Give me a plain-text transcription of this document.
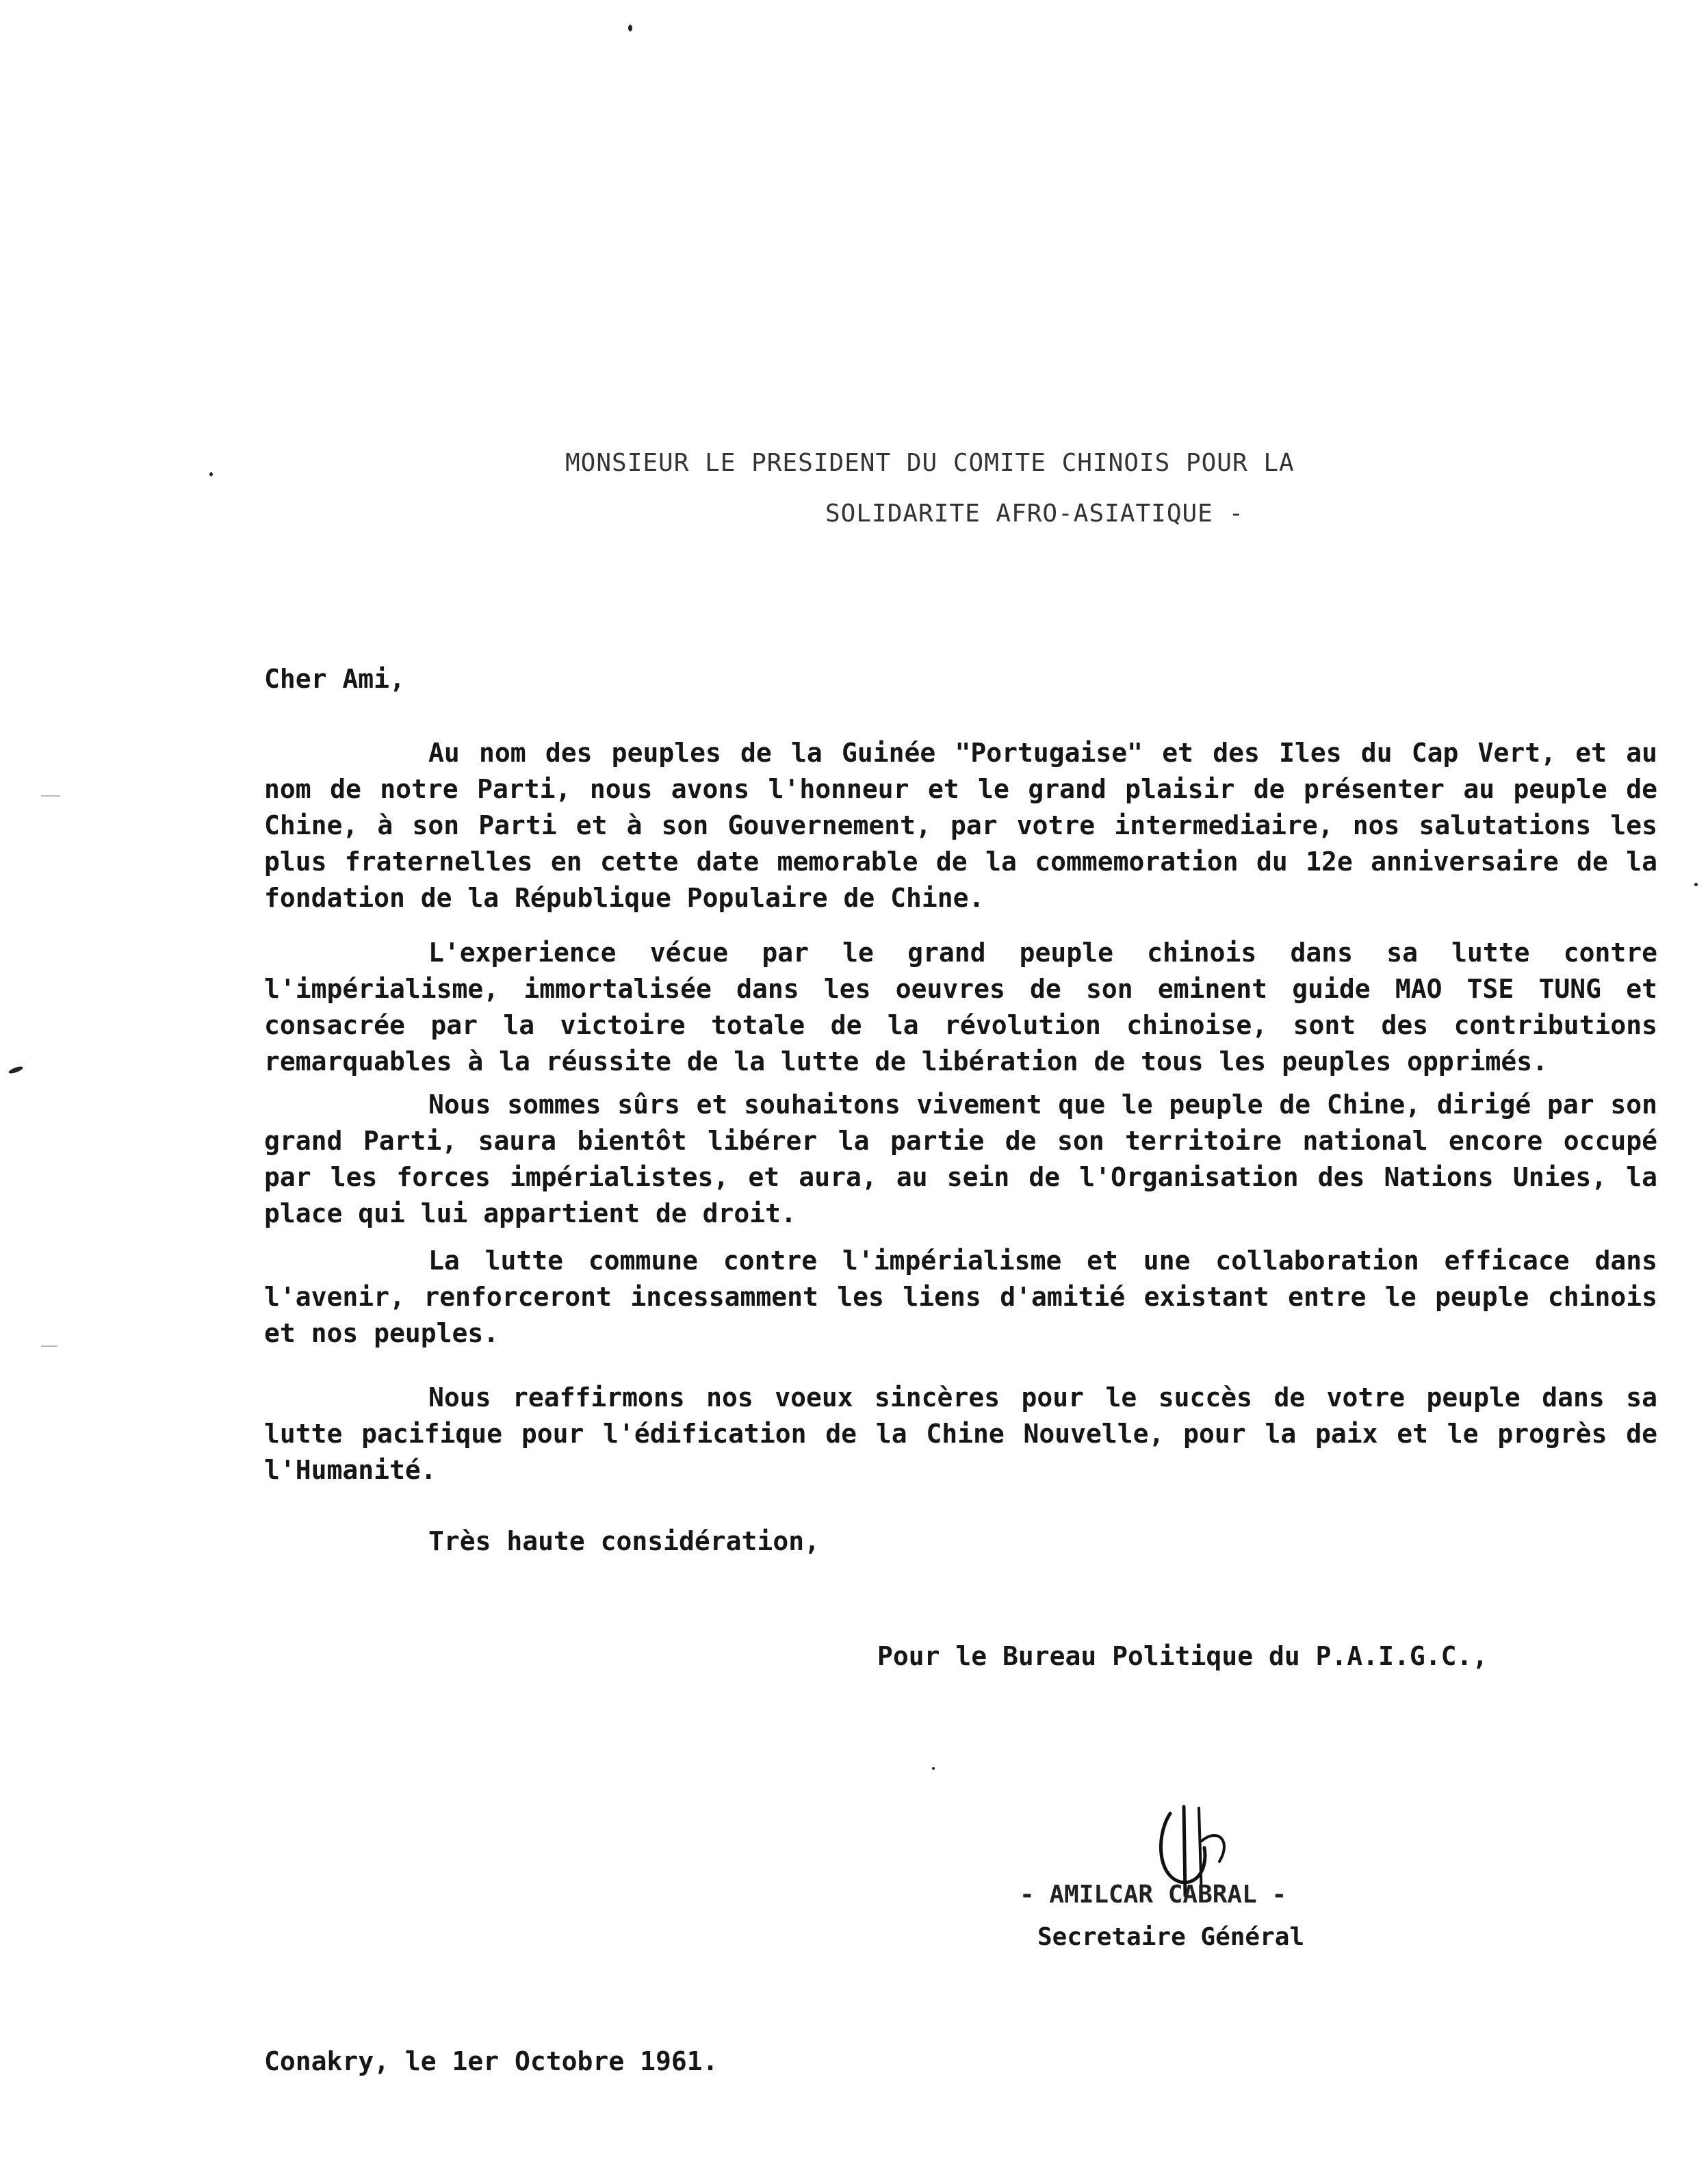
MONSIEUR LE PRESIDENT DU COMITE CHINOIS POUR LA
SOLIDARITE AFRO-ASIATIQUE -
Cher Ami,

Au nom des peuples de la Guinée "Portugaise" et des Iles du Cap Vert, et au nom de notre Parti, nous avons l'honneur et le grand plaisir de présenter au peuple de Chine, à son Parti et à son Gouvernement, par votre intermediaire, nos salutations les plus fraternelles en cette date memorable de la commemoration du 12e anniversaire de la fondation de la République Populaire de Chine.

L'experience vécue par le grand peuple chinois dans sa lutte contre l'impérialisme, immortalisée dans les oeuvres de son eminent guide MAO TSE TUNG et consacrée par la victoire totale de la révolution chinoise, sont des contributions remarquables à la réussite de la lutte de libération de tous les peuples opprimés.

Nous sommes sûrs et souhaitons vivement que le peuple de Chine, dirigé par son grand Parti, saura bientôt libérer la partie de son territoire national encore occupé par les forces impérialistes, et aura, au sein de l'Organisation des Nations Unies, la place qui lui appartient de droit.

La lutte commune contre l'impérialisme et une collaboration efficace dans l'avenir, renforceront incessamment les liens d'amitié existant entre le peuple chinois et nos peuples.

Nous reaffirmons nos voeux sincères pour le succès de votre peuple dans sa lutte pacifique pour l'édification de la Chine Nouvelle, pour la paix et le progrès de l'Humanité.

Très haute considération,
Pour le Bureau Politique du P.A.I.G.C.,
- AMILCAR CABRAL -
Secretaire Général
Conakry, le 1er Octobre 1961.
